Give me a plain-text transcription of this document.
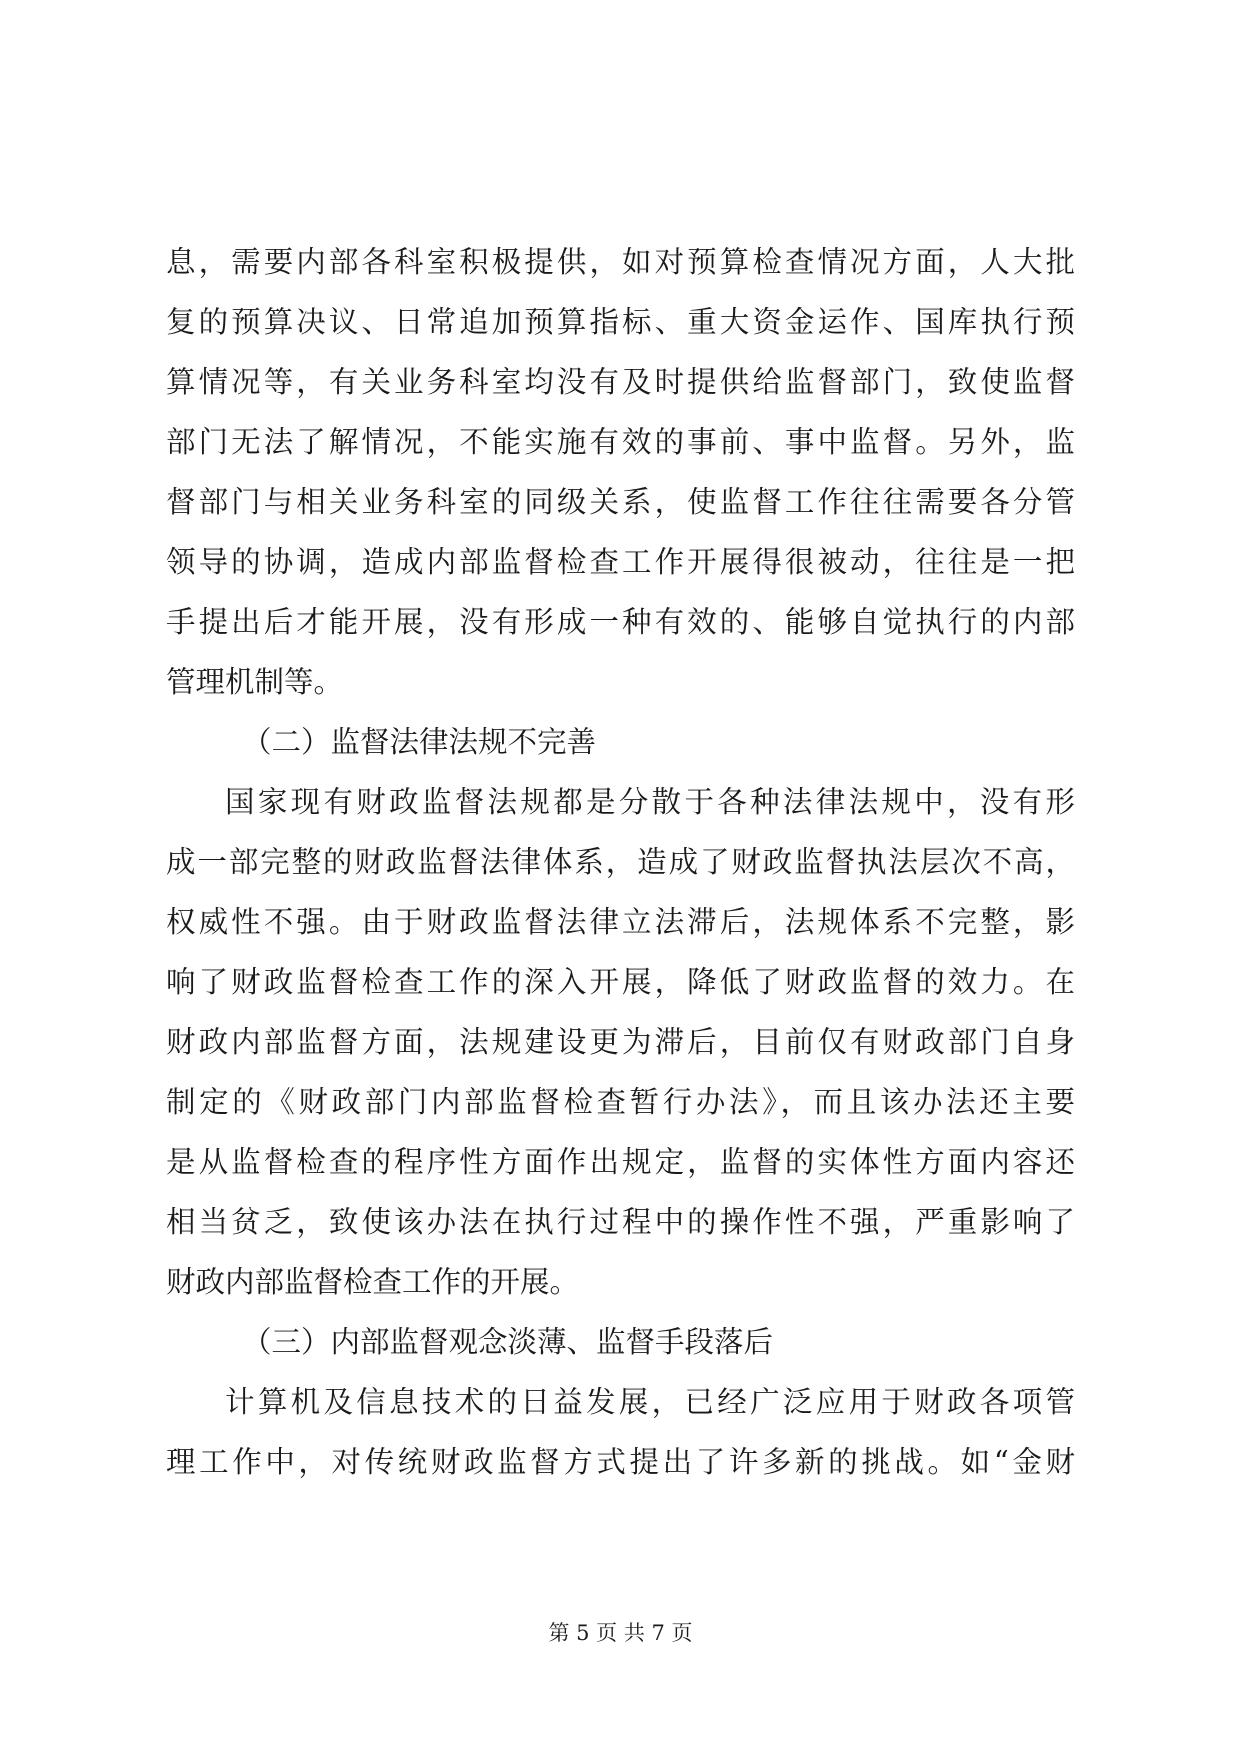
息，需要内部各科室积极提供，如对预算检查情况方面，人大批

复的预算决议、日常追加预算指标、重大资金运作、国库执行预

算情况等，有关业务科室均没有及时提供给监督部门，致使监督

部门无法了解情况，不能实施有效的事前、事中监督。另外，监

督部门与相关业务科室的同级关系，使监督工作往往需要各分管

领导的协调，造成内部监督检查工作开展得很被动，往往是一把

手提出后才能开展，没有形成一种有效的、能够自觉执行的内部

管理机制等。

（二）监督法律法规不完善

国家现有财政监督法规都是分散于各种法律法规中，没有形

成一部完整的财政监督法律体系，造成了财政监督执法层次不高，

权威性不强。由于财政监督法律立法滞后，法规体系不完整，影

响了财政监督检查工作的深入开展，降低了财政监督的效力。在

财政内部监督方面，法规建设更为滞后，目前仅有财政部门自身

制定的《财政部门内部监督检查暂行办法》，而且该办法还主要

是从监督检查的程序性方面作出规定，监督的实体性方面内容还

相当贫乏，致使该办法在执行过程中的操作性不强，严重影响了

财政内部监督检查工作的开展。

（三）内部监督观念淡薄、监督手段落后

计算机及信息技术的日益发展，已经广泛应用于财政各项管

理工作中，对传统财政监督方式提出了许多新的挑战。如“金财

第 5 页 共 7 页
